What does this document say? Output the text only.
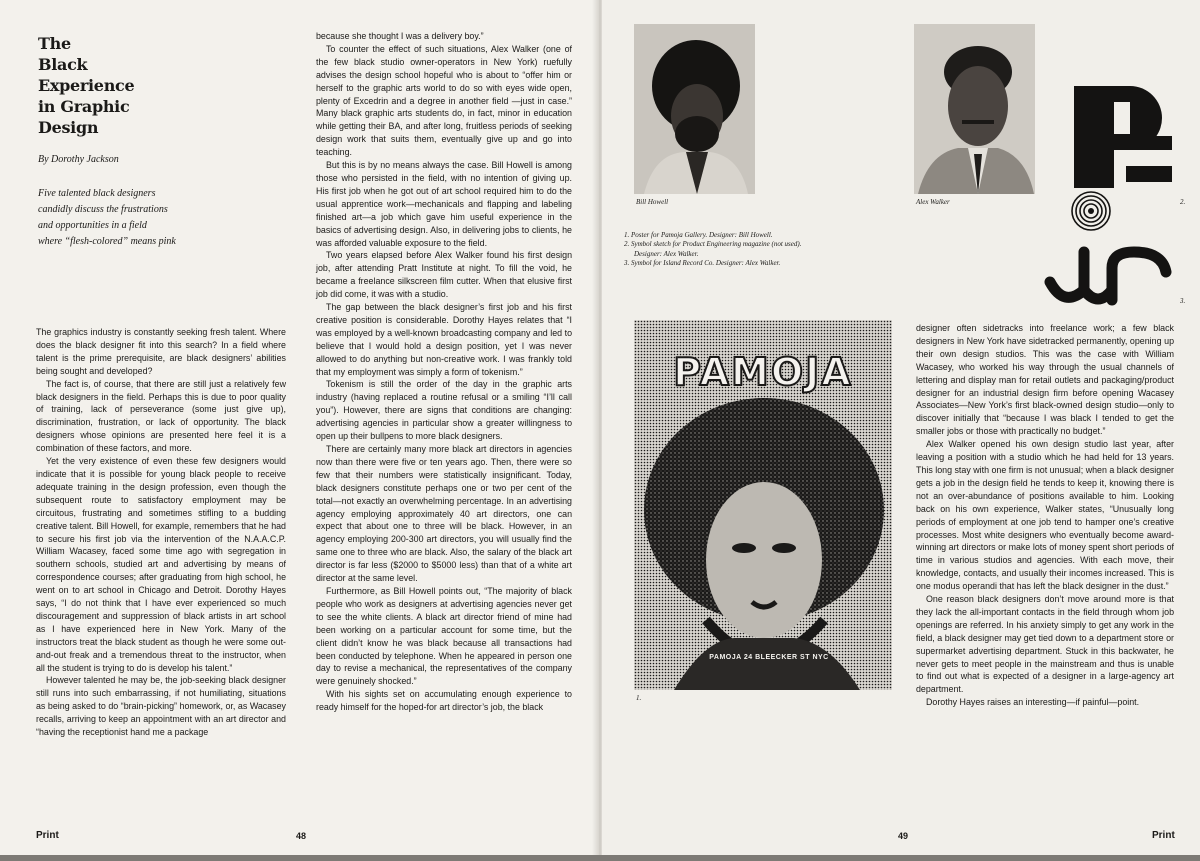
The
Black
Experience
in Graphic
Design
By Dorothy Jackson
Five talented black designers
candidly discuss the frustrations
and opportunities in a field
where “flesh-colored” means pink

The graphics industry is constantly seeking fresh talent. Where does the black designer fit into this search? In a field where talent is the prime prerequisite, are black designers’ abilities being sought and developed?

The fact is, of course, that there are still just a relatively few black designers in the field. Perhaps this is due to poor quality of training, lack of perseverance (some just give up), discrimination, frustration, or lack of opportunity. The black designers whose opinions are presented here feel it is a combination of these factors, and more.

Yet the very existence of even these few designers would indicate that it is possible for young black people to receive adequate training in the design profession, even though the subsequent route to satisfactory employment may be circuitous, frustrating and sometimes stifling to a budding creative talent. Bill Howell, for example, remembers that he had to secure his first job via the intervention of the N.A.A.C.P. William Wacasey, faced some time ago with segregation in southern schools, studied art and advertising by means of correspondence courses; after graduating from high school, he went on to art school in Chicago and Detroit. Dorothy Hayes says, “I do not think that I have ever experienced so much discouragement and suppression of black artists in art school as I have experienced here in New York. Many of the instructors treat the black student as though he were some out-and-out freak and a tremendous threat to the instructor, when all the student is trying to do is develop his talent.”

However talented he may be, the job-seeking black designer still runs into such embarrassing, if not humiliating, situations as being asked to do “brain-picking” homework, or, as Wacasey recalls, arriving to keep an appointment with an art director and “having the receptionist hand me a package

because she thought I was a delivery boy.”

To counter the effect of such situations, Alex Walker (one of the few black studio owner-operators in New York) ruefully advises the design school hopeful who is about to “offer him or herself to the graphic arts world to do so with eyes wide open, plenty of Excedrin and a degree in another field —just in case.” Many black graphic arts students do, in fact, minor in education while getting their BA, and after long, fruitless periods of seeking design work that suits them, eventually give up and go into teaching.

But this is by no means always the case. Bill Howell is among those who persisted in the field, with no intention of giving up. His first job when he got out of art school required him to do the usual apprentice work—mechanicals and flapping and labeling finished art—a job which gave him useful experience in the basics of advertising design. Also, in delivering jobs to clients, he was afforded valuable exposure to the field.

Two years elapsed before Alex Walker found his first design job, after attending Pratt Institute at night. To fill the void, he became a freelance silkscreen film cutter. When that elusive first job did come, it was with a studio.

The gap between the black designer’s first job and his first creative position is considerable. Dorothy Hayes relates that “I was employed by a well-known broadcasting company and led to believe that I would hold a design position, yet I was never allowed to do anything but non-creative work. I was frankly told that my employment was simply a form of tokenism.”

Tokenism is still the order of the day in the graphic arts industry (having replaced a routine refusal or a smiling “I’ll call you”). However, there are signs that conditions are changing: advertising agencies in particular show a greater willingness to open up their bullpens to more black designers.

There are certainly many more black art directors in agencies now than there were five or ten years ago. Then, there were so few that their numbers were statistically insignificant. Today, black designers constitute perhaps one or two per cent of the total—not exactly an overwhelming percentage. In an advertising agency employing approximately 40 art directors, one can expect that about one to three will be black. However, in an agency employing 200-300 art directors, you will usually find the same one to three who are black. Also, the salary of the black art director is far less ($2000 to $5000 less) than that of a white art director at the same level.

Furthermore, as Bill Howell points out, “The majority of black people who work as designers at advertising agencies never get to see the white clients. A black art director friend of mine had been working on a particular account for some time, but the client didn’t know he was black because all transactions had been conducted by telephone. When he appeared in person one day to revise a mechanical, the representatives of the company were genuinely shocked.”

With his sights set on accumulating enough experience to ready himself for the hoped-for art director’s job, the black

Print	48
Bill Howell	Alex Walker	2.
3.
1. Poster for Pamoja Gallery. Designer: Bill Howell.
2. Symbol sketch for Product Engineering magazine (not used). Designer: Alex Walker.
3. Symbol for Island Record Co. Designer: Alex Walker.
PAMOJA
PAMOJA 24 BLEECKER ST NYC
1.

designer often sidetracks into freelance work; a few black designers in New York have sidetracked permanently, opening up their own design studios. This was the case with William Wacasey, who worked his way through the usual channels of lettering and display man for retail outlets and packaging/product designer for an industrial design firm before opening Wacasey Associates—New York’s first black-owned design studio—only to discover initially that “because I was black I tended to get the smaller jobs or those with practically no budget.”

Alex Walker opened his own design studio last year, after leaving a position with a studio which he had held for 13 years. This long stay with one firm is not unusual; when a black designer gets a job in the design field he tends to keep it, knowing there is not an over-abundance of positions available to him. Looking back on his own experience, Walker states, “Unusually long periods of employment at one job tend to hamper one’s creative processes. Most white designers who eventually become award-winning art directors or make lots of money spent short periods of time in various studios and agencies. With each move, their knowledge, contacts, and usually their incomes increased. This is one modus operandi that has left the black designer in the dust.”

One reason black designers don’t move around more is that they lack the all-important contacts in the field through whom job openings are referred. In his anxiety simply to get any work in the field, a black designer may get tied down to a department store or supermarket advertising department. Stuck in this backwater, he never gets to meet people in the mainstream and thus is unable to find out what is expected of a designer in a large-agency art department.

Dorothy Hayes raises an interesting—if painful—point.

49	Print
